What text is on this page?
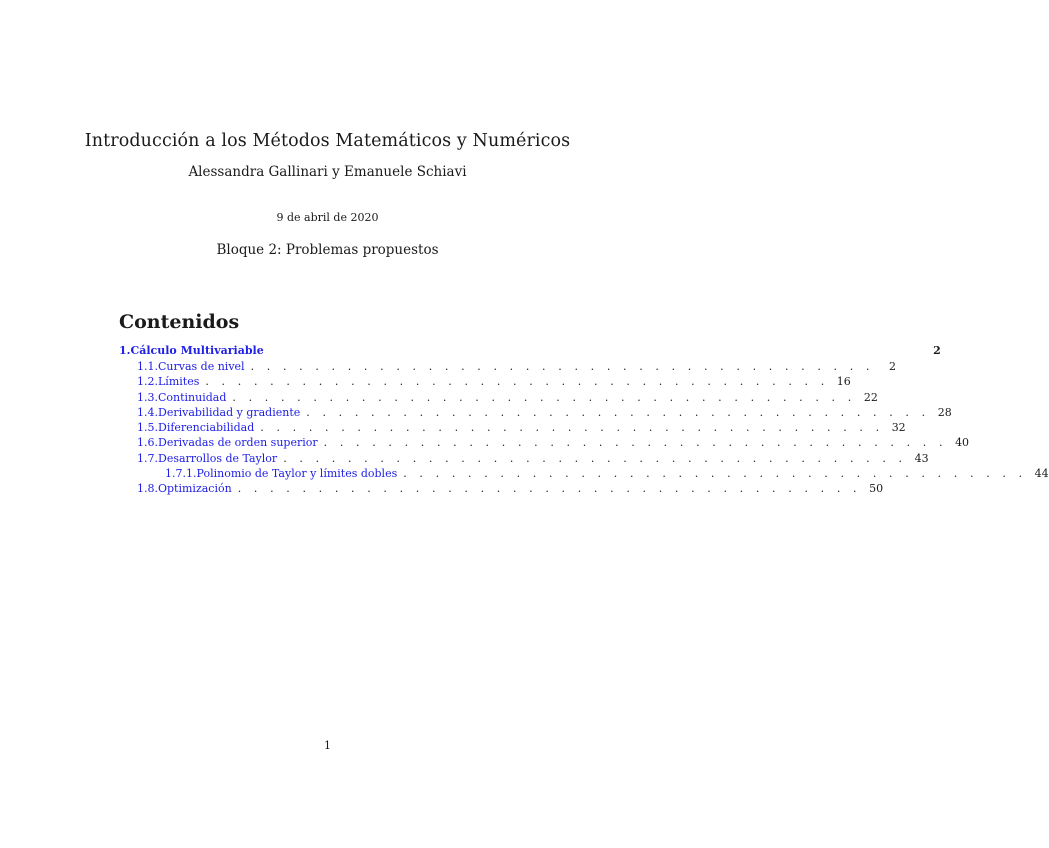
Introducción a los Métodos Matemáticos y Numéricos
Alessandra Gallinari y Emanuele Schiavi
9 de abril de 2020
Bloque 2: Problemas propuestos
Contenidos
1. Cálculo Multivariable	2
1.1. Curvas de nivel . . . . . . . . . . . . . . . . . . . . . . . . . . . . . . . . . . . . . . .	2
1.2. Límites . . . . . . . . . . . . . . . . . . . . . . . . . . . . . . . . . . . . . . . 16
1.3. Continuidad . . . . . . . . . . . . . . . . . . . . . . . . . . . . . . . . . . . . . . . 22
1.4. Derivabilidad y gradiente . . . . . . . . . . . . . . . . . . . . . . . . . . . . . . . . . . . . . . . 28
1.5. Diferenciabilidad . . . . . . . . . . . . . . . . . . . . . . . . . . . . . . . . . . . . . . . 32
1.6. Derivadas de orden superior . . . . . . . . . . . . . . . . . . . . . . . . . . . . . . . . . . . . . . . 40
1.7. Desarrollos de Taylor . . . . . . . . . . . . . . . . . . . . . . . . . . . . . . . . . . . . . . . 43
1.7.1. Polinomio de Taylor y límites dobles . . . . . . . . . . . . . . . . . . . . . . . . . . . . . . . . . . . . . . . 44
1.8. Optimización . . . . . . . . . . . . . . . . . . . . . . . . . . . . . . . . . . . . . . . 50
1
